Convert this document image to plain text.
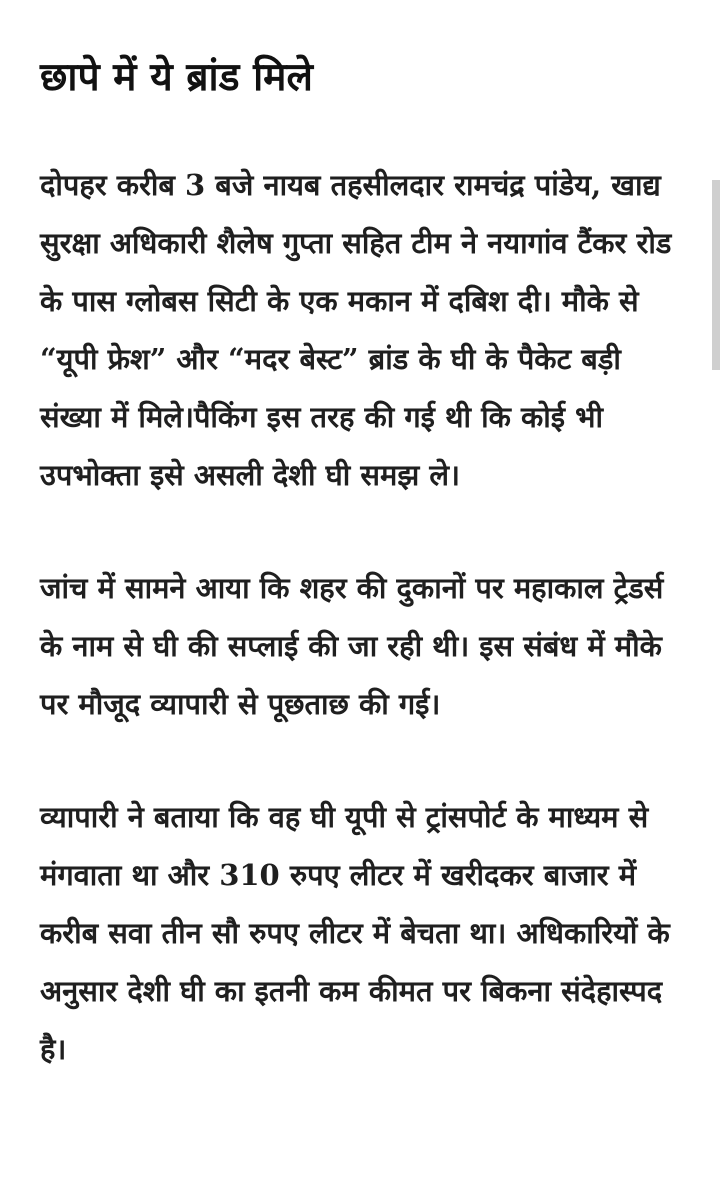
छापे में ये ब्रांड मिले

दोपहर करीब 3 बजे नायब तहसीलदार रामचंद्र पांडेय, खाद्य सुरक्षा अधिकारी शैलेष गुप्ता सहित टीम ने नयागांव टैंकर रोड के पास ग्लोबस सिटी के एक मकान में दबिश दी। मौके से “यूपी फ्रेश” और “मदर बेस्ट” ब्रांड के घी के पैकेट बड़ी संख्या में मिले।पैकिंग इस तरह की गई थी कि कोई भी उपभोक्ता इसे असली देशी घी समझ ले।

जांच में सामने आया कि शहर की दुकानों पर महाकाल ट्रेडर्स के नाम से घी की सप्लाई की जा रही थी। इस संबंध में मौके पर मौजूद व्यापारी से पूछताछ की गई।

व्यापारी ने बताया कि वह घी यूपी से ट्रांसपोर्ट के माध्यम से मंगवाता था और 310 रुपए लीटर में खरीदकर बाजार में करीब सवा तीन सौ रुपए लीटर में बेचता था। अधिकारियों के अनुसार देशी घी का इतनी कम कीमत पर बिकना संदेहास्पद है।
